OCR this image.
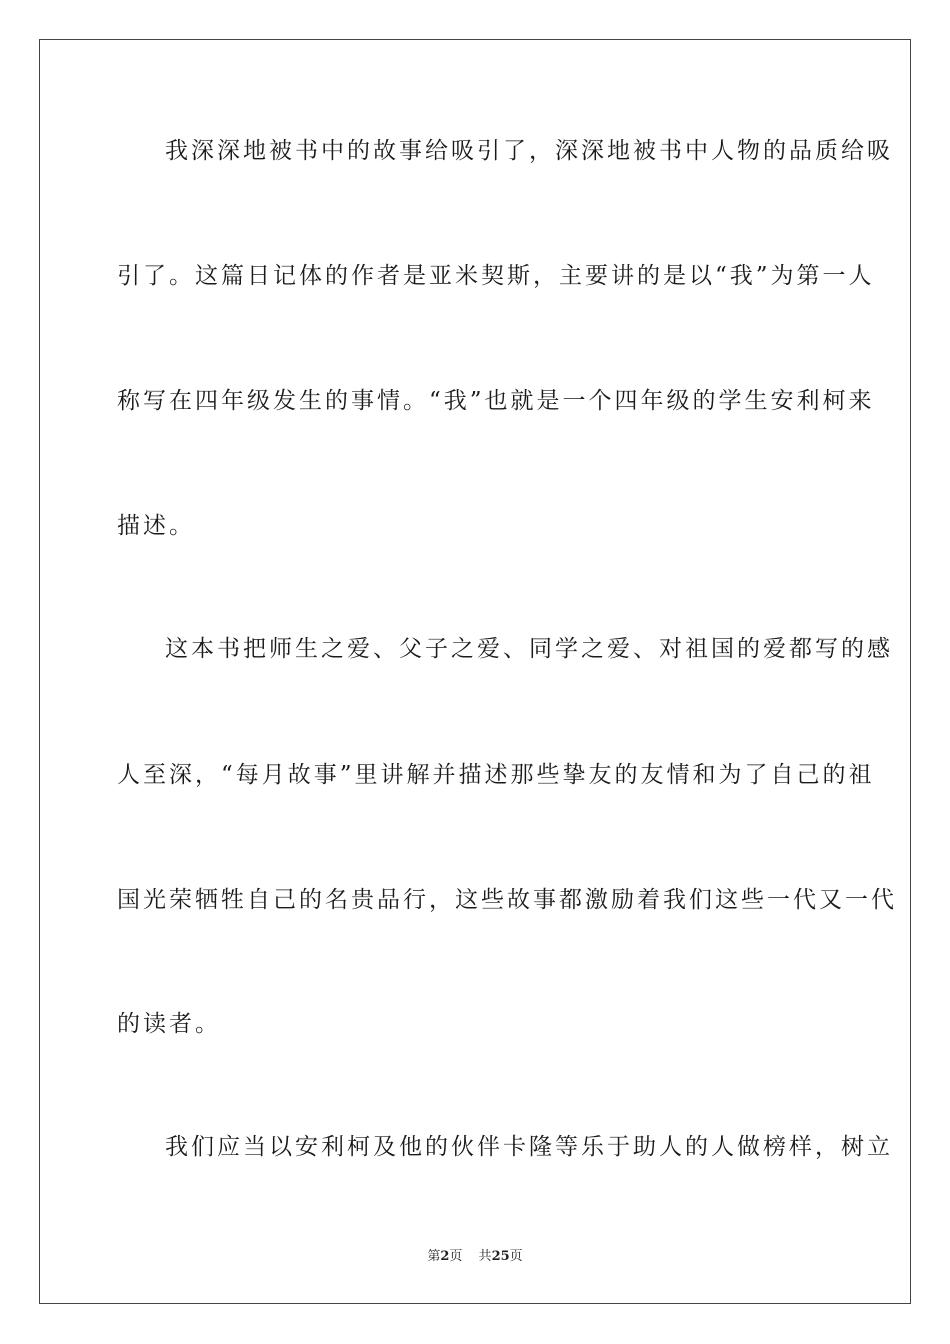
我深深地被书中的故事给吸引了，深深地被书中人物的品质给吸
引了。这篇日记体的作者是亚米契斯，主要讲的是以“我”为第一人
称写在四年级发生的事情。“我”也就是一个四年级的学生安利柯来
描述。
这本书把师生之爱、父子之爱、同学之爱、对祖国的爱都写的感
人至深，“每月故事”里讲解并描述那些挚友的友情和为了自己的祖
国光荣牺牲自己的名贵品行，这些故事都激励着我们这些一代又一代
的读者。
我们应当以安利柯及他的伙伴卡隆等乐于助人的人做榜样，树立
第2页 共25页
